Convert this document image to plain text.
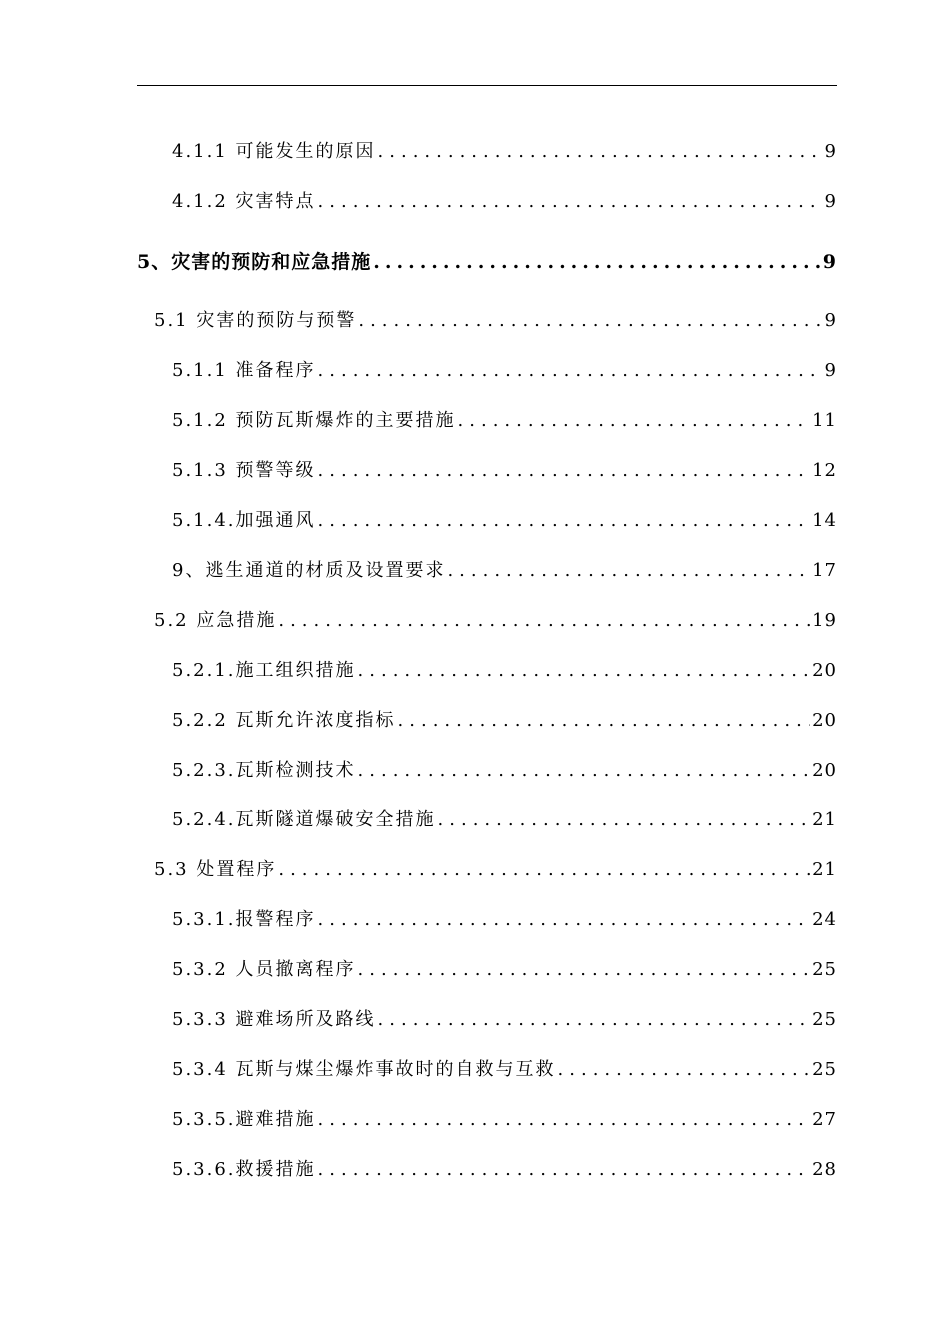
4.1.1 可能发生的原因 .....	9
4.1.2 灾害特点 .....	9
5、灾害的预防和应急措施 .....	9
5.1 灾害的预防与预警 .....	9
5.1.1 准备程序 .....	9
5.1.2 预防瓦斯爆炸的主要措施 .....	11
5.1.3 预警等级 .....	12
5.1.4.加强通风 .....	14
9、逃生通道的材质及设置要求 .....	17
5.2 应急措施 .....	19
5.2.1.施工组织措施 .....	20
5.2.2 瓦斯允许浓度指标 .....	20
5.2.3.瓦斯检测技术 .....	20
5.2.4.瓦斯隧道爆破安全措施 .....	21
5.3 处置程序 .....	21
5.3.1.报警程序 .....	24
5.3.2 人员撤离程序 .....	25
5.3.3 避难场所及路线 .....	25
5.3.4 瓦斯与煤尘爆炸事故时的自救与互救 .....	25
5.3.5.避难措施 .....	27
5.3.6.救援措施 .....	28
